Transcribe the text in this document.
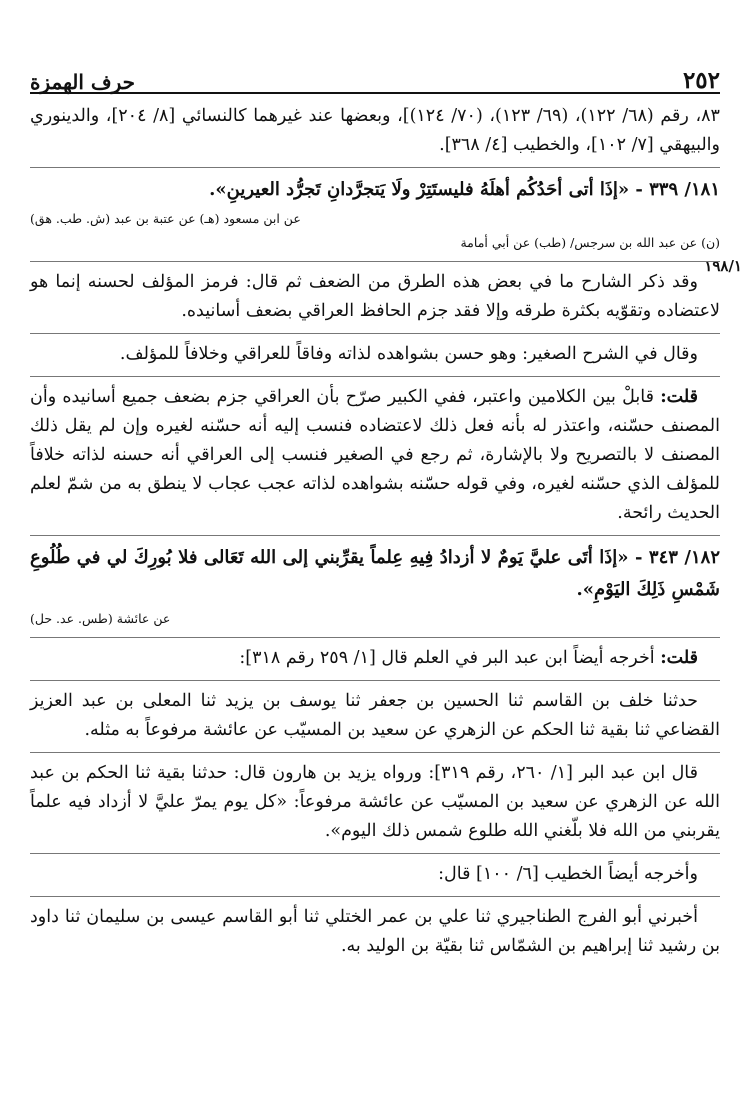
٢٥٢
حرف الهمزة
١٩٨/١

٨٣، رقم (٦٨/ ١٢٢)، (٦٩/ ١٢٣)، (٧٠/ ١٢٤)]، وبعضها عند غيرهما كالنسائي [٨/ ٢٠٤]، والدينوري والبيهقي [٧/ ١٠٢]، والخطيب [٤/ ٣٦٨].

١٨١/ ٣٣٩ - «إذَا أتى أحَدُكُم أهلَهُ فليستَتِرْ ولَا يَتجرَّدانِ تَجرُّد العيرينِ».

(ش. طب. هق) عن ابن مسعود (هـ) عن عتبة بن عبد

(ن) عن عبد الله بن سرجس/ (طب) عن أبي أمامة

وقد ذكر الشارح ما في بعض هذه الطرق من الضعف ثم قال: فرمز المؤلف لحسنه إنما هو لاعتضاده وتقوّيه بكثرة طرقه وإلا فقد جزم الحافظ العراقي بضعف أسانيده.

وقال في الشرح الصغير: وهو حسن بشواهده لذاته وفاقاً للعراقي وخلافاً للمؤلف.

قلت: قابلْ بين الكلامين واعتبر، ففي الكبير صرّح بأن العراقي جزم بضعف جميع أسانيده وأن المصنف حسّنه، واعتذر له بأنه فعل ذلك لاعتضاده فنسب إليه أنه حسّنه لغيره وإن لم يقل ذلك المصنف لا بالتصريح ولا بالإشارة، ثم رجع في الصغير فنسب إلى العراقي أنه حسنه لذاته خلافاً للمؤلف الذي حسّنه لغيره، وفي قوله حسّنه بشواهده لذاته عجب عجاب لا ينطق به من شمّ لعلم الحديث رائحة.

١٨٢/ ٣٤٣ - «إذَا أتَى عليَّ يَومٌ لا أزدادُ فِيهِ عِلماً يقرِّبني إلى الله تَعَالى فلا بُورِكَ لي في طُلُوعِ شَمْسِ ذَلِكَ اليَوْمِ».

(طس. عد. حل) عن عائشة

قلت: أخرجه أيضاً ابن عبد البر في العلم قال [١/ ٢٥٩ رقم ٣١٨]:

حدثنا خلف بن القاسم ثنا الحسين بن جعفر ثنا يوسف بن يزيد ثنا المعلى بن عبد العزيز القضاعي ثنا بقية ثنا الحكم عن الزهري عن سعيد بن المسيّب عن عائشة مرفوعاً به مثله.

قال ابن عبد البر [١/ ٢٦٠، رقم ٣١٩]: ورواه يزيد بن هارون قال: حدثنا بقية ثنا الحكم بن عبد الله عن الزهري عن سعيد بن المسيّب عن عائشة مرفوعاً: «كل يوم يمرّ عليَّ لا أزداد فيه علماً يقربني من الله فلا بلّغني الله طلوع شمس ذلك اليوم».

وأخرجه أيضاً الخطيب [٦/ ١٠٠] قال:

أخبرني أبو الفرج الطناجيري ثنا علي بن عمر الختلي ثنا أبو القاسم عيسى بن سليمان ثنا داود بن رشيد ثنا إبراهيم بن الشمّاس ثنا بقيّة بن الوليد به.
